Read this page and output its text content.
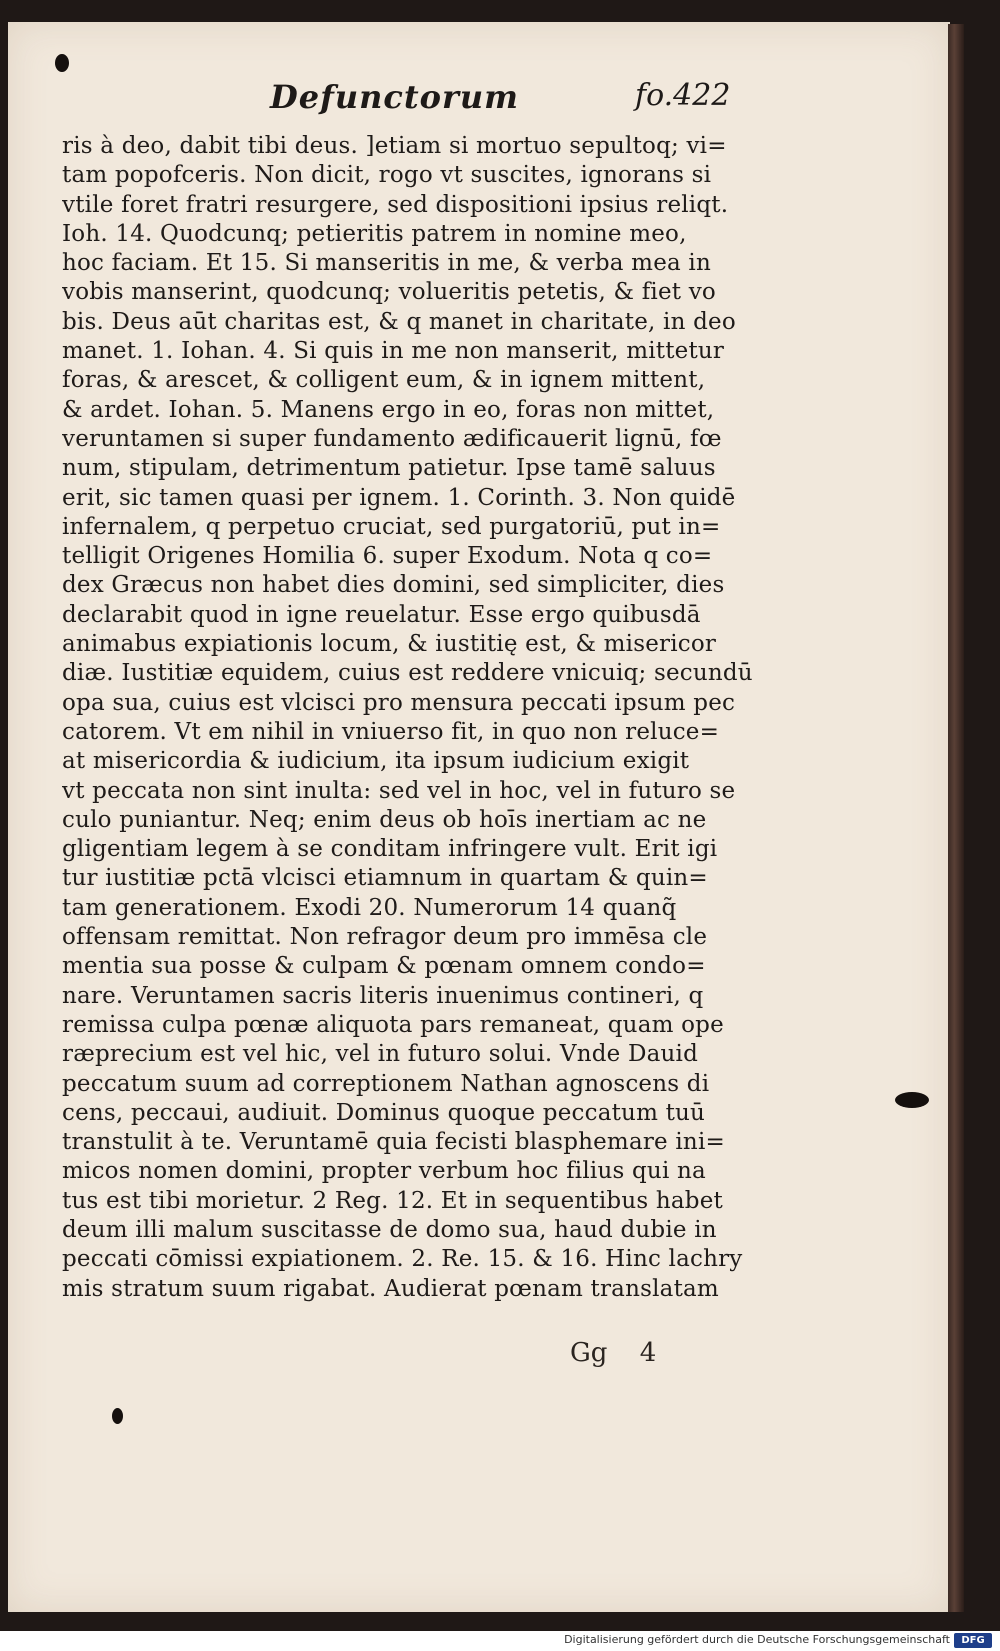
Defunctorum	fo.422
ris à deo, dabit tibi deus. ]etiam si mortuo sepultoq; vi=
tam popofceris. Non dicit, rogo vt suscites, ignorans si
vtile foret fratri resurgere, sed dispositioni ipsius reliqt.
Ioh. 14. Quodcunq; petieritis patrem in nomine meo,
hoc faciam. Et 15. Si manseritis in me, & verba mea in
vobis manserint, quodcunq; volueritis petetis, & fiet vo
bis. Deus aūt charitas est, & q manet in charitate, in deo
manet. 1. Iohan. 4. Si quis in me non manserit, mittetur
foras, & arescet, & colligent eum, & in ignem mittent,
& ardet. Iohan. 5. Manens ergo in eo, foras non mittet,
veruntamen si super fundamento ædificauerit lignū, fœ
num, stipulam, detrimentum patietur. Ipse tamē saluus
erit, sic tamen quasi per ignem. 1. Corinth. 3. Non quidē
infernalem, q perpetuo cruciat, sed purgatoriū, put in=
telligit Origenes Homilia 6. super Exodum. Nota q co=
dex Græcus non habet dies domini, sed simpliciter, dies
declarabit quod in igne reuelatur. Esse ergo quibusdā
animabus expiationis locum, & iustitię est, & misericor
diæ. Iustitiæ equidem, cuius est reddere vnicuiq; secundū
opa sua, cuius est vlcisci pro mensura peccati ipsum pec
catorem. Vt em nihil in vniuerso fit, in quo non reluce=
at misericordia & iudicium, ita ipsum iudicium exigit
vt peccata non sint inulta: sed vel in hoc, vel in futuro se
culo puniantur. Neq; enim deus ob hoīs inertiam ac ne
gligentiam legem à se conditam infringere vult. Erit igi
tur iustitiæ pctā vlcisci etiamnum in quartam & quin=
tam generationem. Exodi 20. Numerorum 14 quanq̃
offensam remittat. Non refragor deum pro immēsa cle
mentia sua posse & culpam & pœnam omnem condo=
nare. Veruntamen sacris literis inuenimus contineri, q
remissa culpa pœnæ aliquota pars remaneat, quam ope
ræprecium est vel hic, vel in futuro solui. Vnde Dauid
peccatum suum ad correptionem Nathan agnoscens di
cens, peccaui, audiuit. Dominus quoque peccatum tuū
transtulit à te. Veruntamē quia fecisti blasphemare ini=
micos nomen domini, propter verbum hoc filius qui na
tus est tibi morietur. 2 Reg. 12. Et in sequentibus habet
deum illi malum suscitasse de domo sua, haud dubie in
peccati cōmissi expiationem. 2. Re. 15. & 16. Hinc lachry
mis stratum suum rigabat. Audierat pœnam translatam
Gg 4
Digitalisierung gefördert durch die Deutsche Forschungsgemeinschaft	DFG
